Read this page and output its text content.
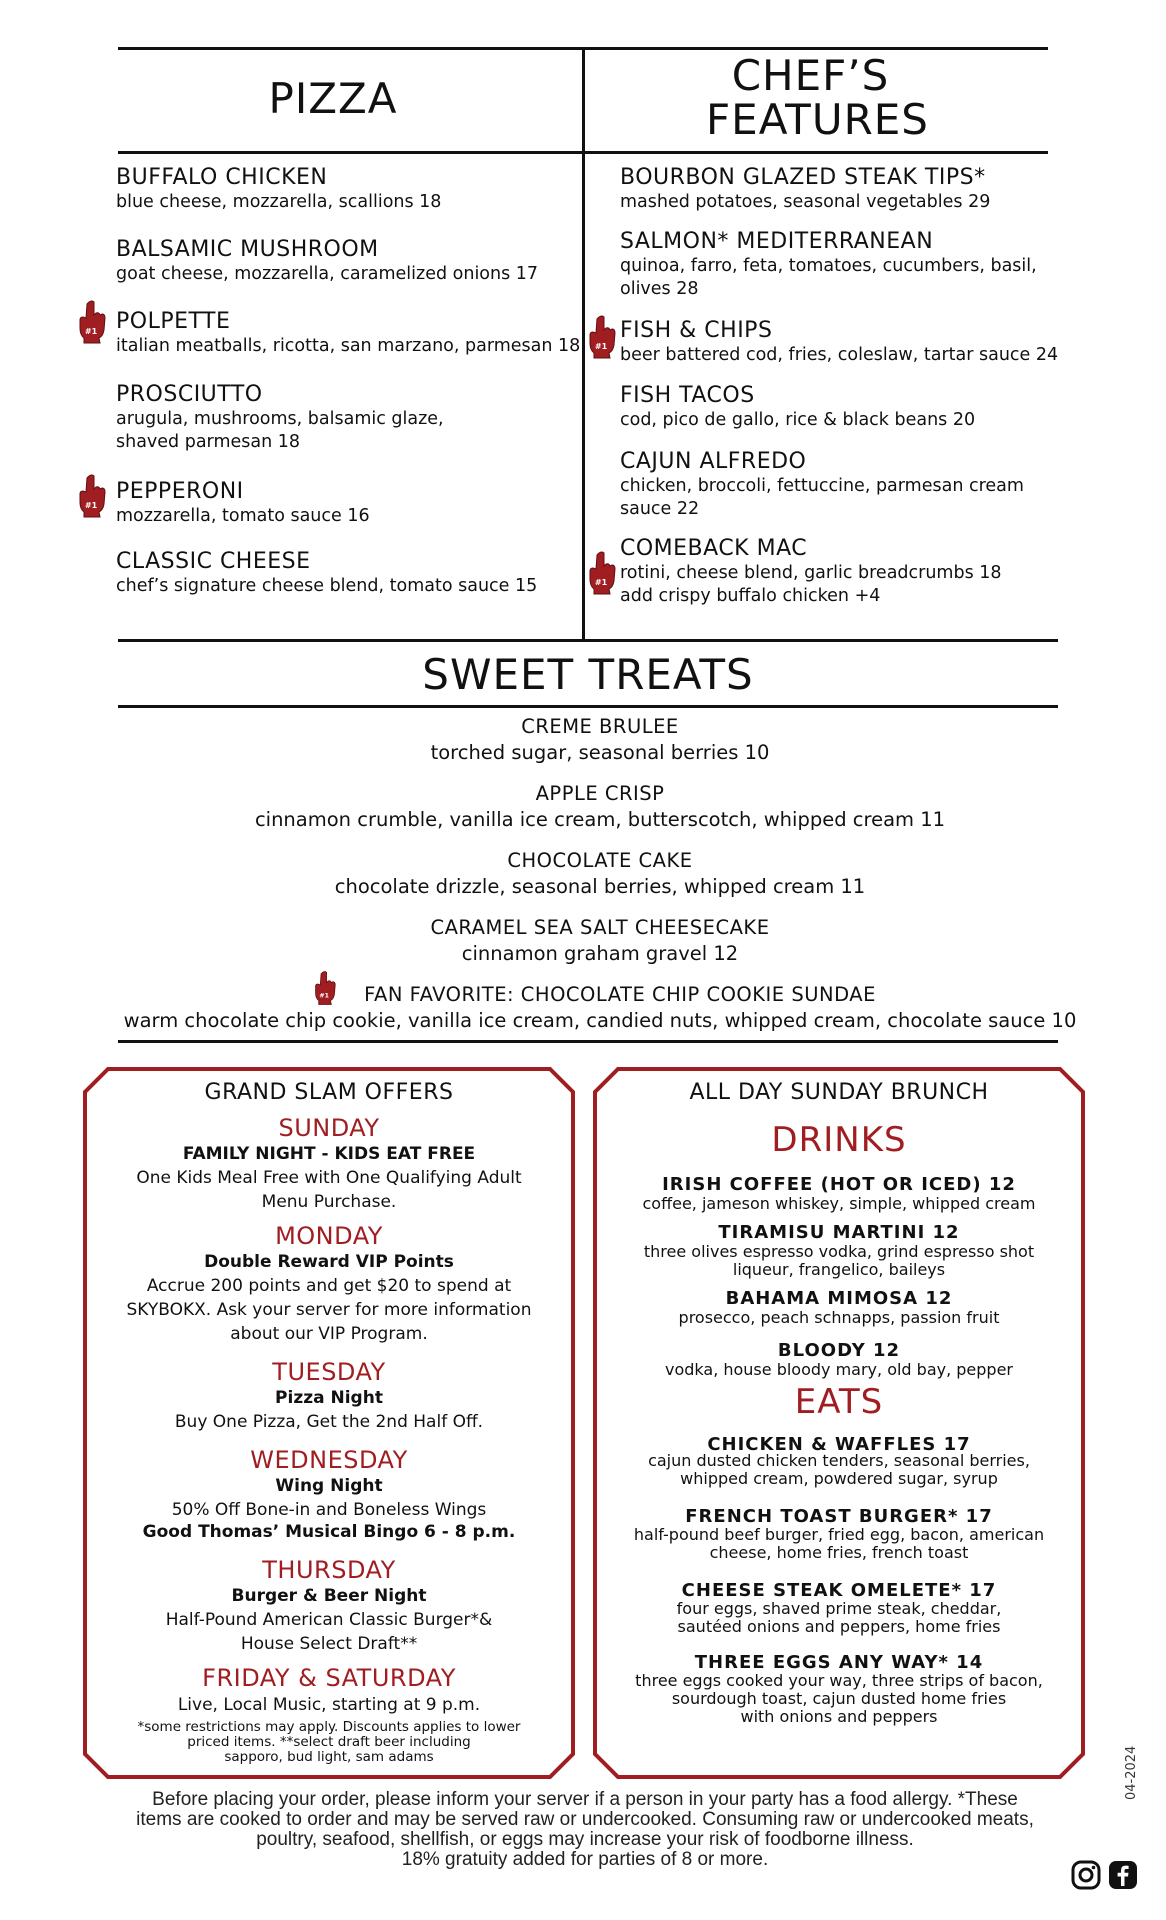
PIZZA
BUFFALO CHICKEN
blue cheese, mozzarella, scallions 18
BALSAMIC MUSHROOM
goat cheese, mozzarella, caramelized onions 17
POLPETTE
italian meatballs, ricotta, san marzano, parmesan 18
PROSCIUTTO
arugula, mushrooms, balsamic glaze,
shaved parmesan 18
PEPPERONI
mozzarella, tomato sauce 16
CLASSIC CHEESE
chef’s signature cheese blend, tomato sauce 15
CHEF’S
FEATURES
BOURBON GLAZED STEAK TIPS*
mashed potatoes, seasonal vegetables 29
SALMON* MEDITERRANEAN
quinoa, farro, feta, tomatoes, cucumbers, basil,
olives 28
FISH & CHIPS
beer battered cod, fries, coleslaw, tartar sauce 24
FISH TACOS
cod, pico de gallo, rice & black beans 20
CAJUN ALFREDO
chicken, broccoli, fettuccine, parmesan cream
sauce 22
COMEBACK MAC
rotini, cheese blend, garlic breadcrumbs 18
add crispy buffalo chicken +4
SWEET TREATS
CREME BRULEE
torched sugar, seasonal berries 10
APPLE CRISP
cinnamon crumble, vanilla ice cream, butterscotch, whipped cream 11
CHOCOLATE CAKE
chocolate drizzle, seasonal berries, whipped cream 11
CARAMEL SEA SALT CHEESECAKE
cinnamon graham gravel 12
FAN FAVORITE: CHOCOLATE CHIP COOKIE SUNDAE
warm chocolate chip cookie, vanilla ice cream, candied nuts, whipped cream, chocolate sauce 10
GRAND SLAM OFFERS
SUNDAY
FAMILY NIGHT - KIDS EAT FREE
One Kids Meal Free with One Qualifying Adult
Menu Purchase.
MONDAY
Double Reward VIP Points
Accrue 200 points and get $20 to spend at
SKYBOKX. Ask your server for more information
about our VIP Program.
TUESDAY
Pizza Night
Buy One Pizza, Get the 2nd Half Off.
WEDNESDAY
Wing Night
50% Off Bone-in and Boneless Wings
Good Thomas’ Musical Bingo 6 - 8 p.m.
THURSDAY
Burger & Beer Night
Half-Pound American Classic Burger*&
House Select Draft**
FRIDAY & SATURDAY
Live, Local Music, starting at 9 p.m.
*some restrictions may apply. Discounts applies to lower
priced items. **select draft beer including
sapporo, bud light, sam adams
ALL DAY SUNDAY BRUNCH
DRINKS
IRISH COFFEE (HOT OR ICED) 12
coffee, jameson whiskey, simple, whipped cream
TIRAMISU MARTINI 12
three olives espresso vodka, grind espresso shot
liqueur, frangelico, baileys
BAHAMA MIMOSA 12
prosecco, peach schnapps, passion fruit
BLOODY 12
vodka, house bloody mary, old bay, pepper
EATS
CHICKEN & WAFFLES 17
cajun dusted chicken tenders, seasonal berries,
whipped cream, powdered sugar, syrup
FRENCH TOAST BURGER* 17
half-pound beef burger, fried egg, bacon, american
cheese, home fries, french toast
CHEESE STEAK OMELETE* 17
four eggs, shaved prime steak, cheddar,
sautéed onions and peppers, home fries
THREE EGGS ANY WAY* 14
three eggs cooked your way, three strips of bacon,
sourdough toast, cajun dusted home fries
with onions and peppers
Before placing your order, please inform your server if a person in your party has a food allergy. *These
items are cooked to order and may be served raw or undercooked. Consuming raw or undercooked meats,
poultry, seafood, shellfish, or eggs may increase your risk of foodborne illness.
18% gratuity added for parties of 8 or more.
04-2024
